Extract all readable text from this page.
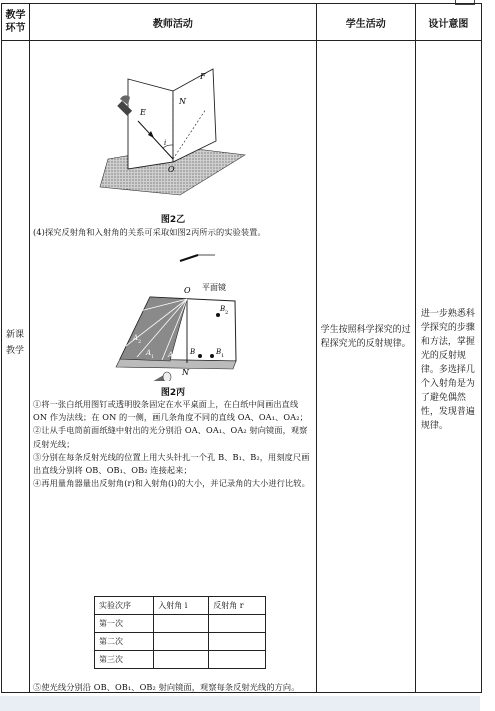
教学环节	教师活动	学生活动	设计意图

新课教学

N
F
E
O
i
图2乙
(4)探究反射角和入射角的关系可采取如图2丙所示的实验装置。
平面镜
O
B 2
A 2
A 1 A B	B 1
N
图2丙
①将一张白纸用图钉或透明胶条固定在水平桌面上，在白纸中间画出直线 ON 作为法线；在 ON 的一侧，画几条角度不同的直线 OA、OA₁、OA₂；
②让从手电筒前面纸缝中射出的光分别沿 OA、OA₁、OA₂ 射向镜面，观察反射光线；
③分别在每条反射光线的位置上用大头针扎一个孔 B、B₁、B₂，用刻度尺画出直线分别将 OB、OB₁、OB₂ 连接起来；
④再用量角器量出反射角(r)和入射角(i)的大小，并记录角的大小进行比较。
实验次序	入射角 i	反射角 r
第一次		
第二次		
第三次		
⑤使光线分别沿 OB、OB₁、OB₂ 射向镜面，观察每条反射光线的方向。

学生按照科学探究的过程探究光的反射规律。

进一步熟悉科学探究的步骤和方法，掌握光的反射规律。多选择几个入射角是为了避免偶然性，发现普遍规律。
